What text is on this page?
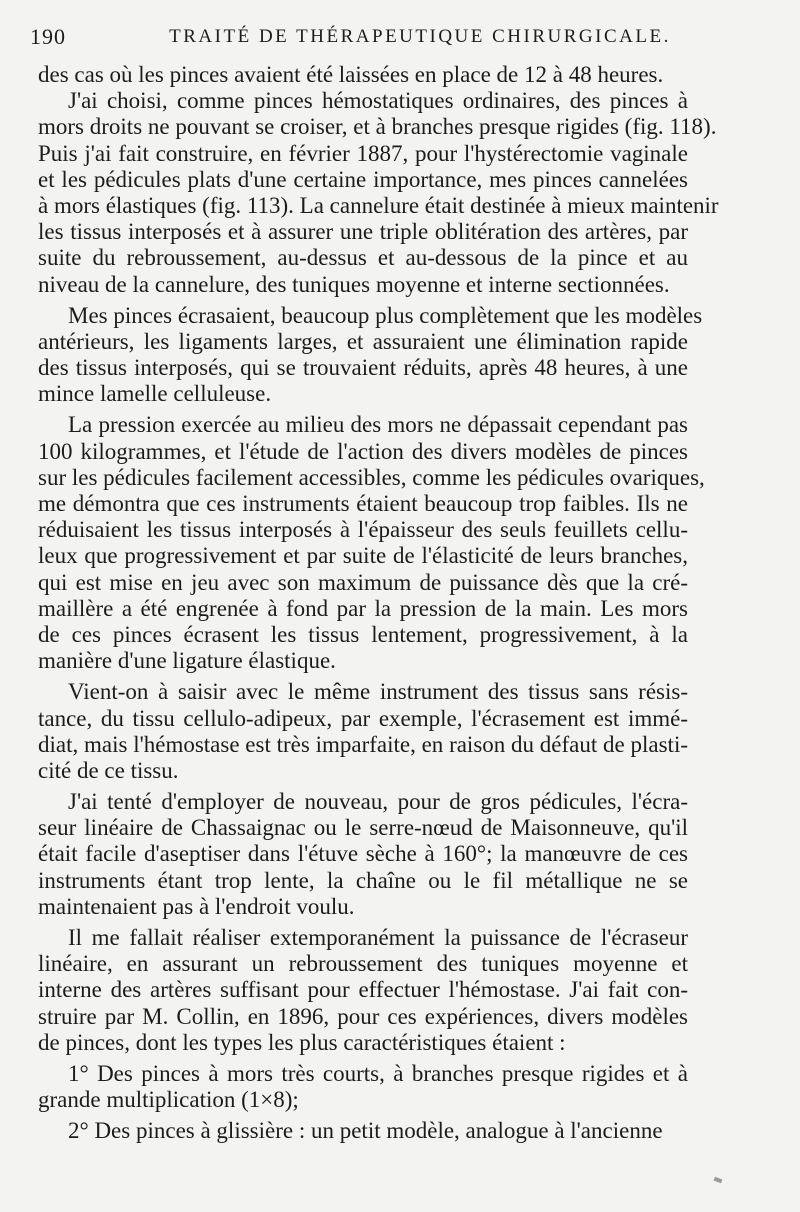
190	TRAITÉ DE THÉRAPEUTIQUE CHIRURGICALE.
des cas où les pinces avaient été laissées en place de 12 à 48 heures.
J'ai choisi, comme pinces hémostatiques ordinaires, des pinces à
mors droits ne pouvant se croiser, et à branches presque rigides (fig. 118).
Puis j'ai fait construire, en février 1887, pour l'hystérectomie vaginale
et les pédicules plats d'une certaine importance, mes pinces cannelées
à mors élastiques (fig. 113). La cannelure était destinée à mieux maintenir
les tissus interposés et à assurer une triple oblitération des artères, par
suite du rebroussement, au-dessus et au-dessous de la pince et au
niveau de la cannelure, des tuniques moyenne et interne sectionnées.
Mes pinces écrasaient, beaucoup plus complètement que les modèles
antérieurs, les ligaments larges, et assuraient une élimination rapide
des tissus interposés, qui se trouvaient réduits, après 48 heures, à une
mince lamelle celluleuse.
La pression exercée au milieu des mors ne dépassait cependant pas
100 kilogrammes, et l'étude de l'action des divers modèles de pinces
sur les pédicules facilement accessibles, comme les pédicules ovariques,
me démontra que ces instruments étaient beaucoup trop faibles. Ils ne
réduisaient les tissus interposés à l'épaisseur des seuls feuillets cellu-
leux que progressivement et par suite de l'élasticité de leurs branches,
qui est mise en jeu avec son maximum de puissance dès que la cré-
maillère a été engrenée à fond par la pression de la main. Les mors
de ces pinces écrasent les tissus lentement, progressivement, à la
manière d'une ligature élastique.
Vient-on à saisir avec le même instrument des tissus sans résis-
tance, du tissu cellulo-adipeux, par exemple, l'écrasement est immé-
diat, mais l'hémostase est très imparfaite, en raison du défaut de plasti-
cité de ce tissu.
J'ai tenté d'employer de nouveau, pour de gros pédicules, l'écra-
seur linéaire de Chassaignac ou le serre-nœud de Maisonneuve, qu'il
était facile d'aseptiser dans l'étuve sèche à 160°; la manœuvre de ces
instruments étant trop lente, la chaîne ou le fil métallique ne se
maintenaient pas à l'endroit voulu.
Il me fallait réaliser extemporanément la puissance de l'écraseur
linéaire, en assurant un rebroussement des tuniques moyenne et
interne des artères suffisant pour effectuer l'hémostase. J'ai fait con-
struire par M. Collin, en 1896, pour ces expériences, divers modèles
de pinces, dont les types les plus caractéristiques étaient :
1° Des pinces à mors très courts, à branches presque rigides et à
grande multiplication (1×8);
2° Des pinces à glissière : un petit modèle, analogue à l'ancienne
